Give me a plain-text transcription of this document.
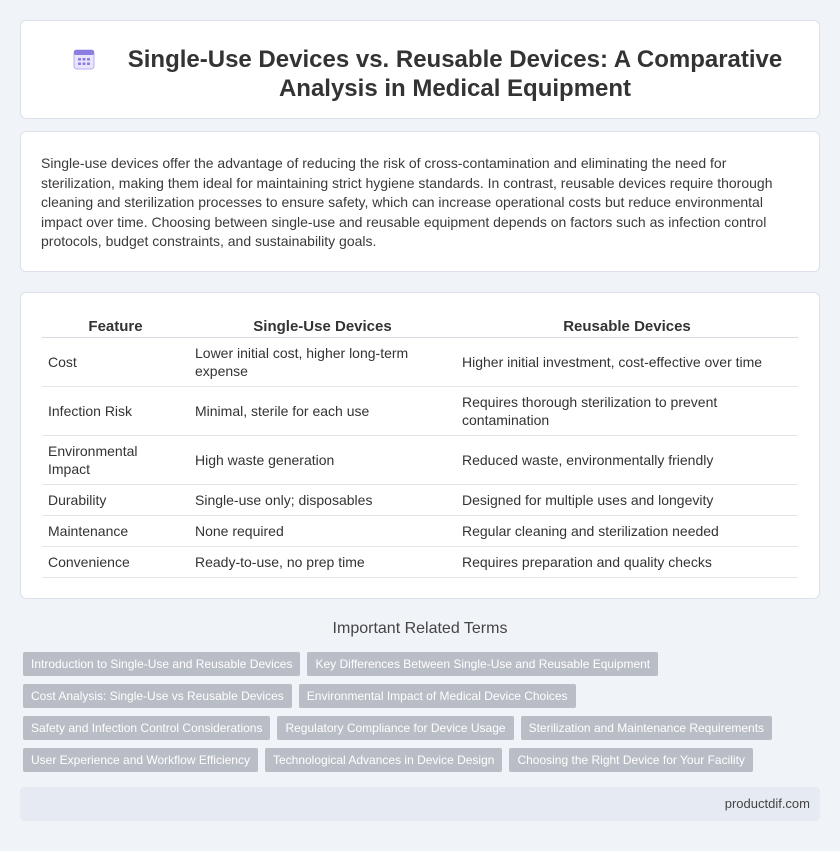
Single-Use Devices vs. Reusable Devices: A Comparative Analysis in Medical Equipment

Single-use devices offer the advantage of reducing the risk of cross-contamination and eliminating the need for sterilization, making them ideal for maintaining strict hygiene standards. In contrast, reusable devices require thorough cleaning and sterilization processes to ensure safety, which can increase operational costs but reduce environmental impact over time. Choosing between single-use and reusable equipment depends on factors such as infection control protocols, budget constraints, and sustainability goals.

Feature	Single-Use Devices	Reusable Devices
Cost	Lower initial cost, higher long-term expense	Higher initial investment, cost-effective over time
Infection Risk	Minimal, sterile for each use	Requires thorough sterilization to prevent contamination
Environmental Impact	High waste generation	Reduced waste, environmentally friendly
Durability	Single-use only; disposables	Designed for multiple uses and longevity
Maintenance	None required	Regular cleaning and sterilization needed
Convenience	Ready-to-use, no prep time	Requires preparation and quality checks
Important Related Terms
Introduction to Single-Use and Reusable Devices	Key Differences Between Single-Use and Reusable Equipment
Cost Analysis: Single-Use vs Reusable Devices	Environmental Impact of Medical Device Choices
Safety and Infection Control Considerations	Regulatory Compliance for Device Usage	Sterilization and Maintenance Requirements
User Experience and Workflow Efficiency	Technological Advances in Device Design	Choosing the Right Device for Your Facility
productdif.com
